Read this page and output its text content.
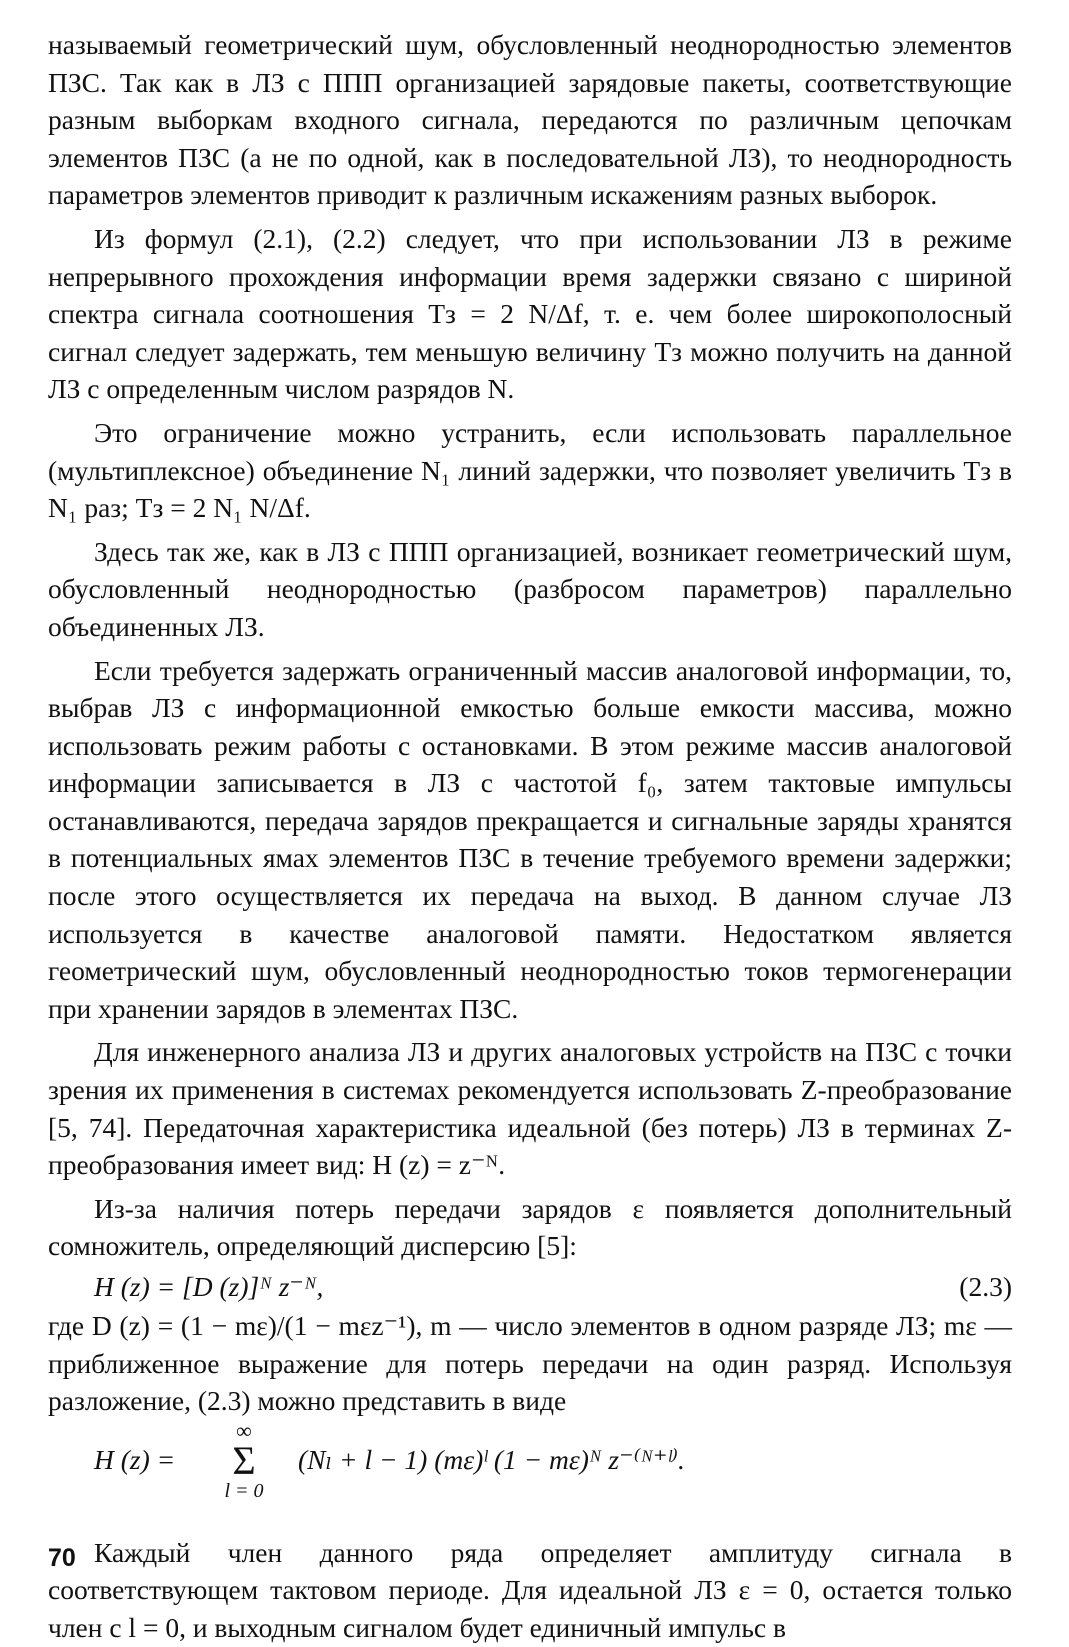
называемый геометрический шум, обусловленный неоднородностью элементов ПЗС. Так как в ЛЗ с ППП организацией зарядовые пакеты, соответствующие разным выборкам входного сигнала, передаются по различным цепочкам элементов ПЗС (а не по одной, как в последовательной ЛЗ), то неоднородность параметров элементов приводит к различным искажениям разных выборок.

Из формул (2.1), (2.2) следует, что при использовании ЛЗ в режиме непрерывного прохождения информации время задержки связано с шириной спектра сигнала соотношения Tз = 2 N/Δf, т. е. чем более широкополосный сигнал следует задержать, тем меньшую величину Tз можно получить на данной ЛЗ с определенным числом разрядов N.

Это ограничение можно устранить, если использовать параллельное (мультиплексное) объединение N₁ линий задержки, что позволяет увеличить Tз в N₁ раз; Tз = 2 N₁ N/Δf.

Здесь так же, как в ЛЗ с ППП организацией, возникает геометрический шум, обусловленный неоднородностью (разбросом параметров) параллельно объединенных ЛЗ.

Если требуется задержать ограниченный массив аналоговой информации, то, выбрав ЛЗ с информационной емкостью больше емкости массива, можно использовать режим работы с остановками. В этом режиме массив аналоговой информации записывается в ЛЗ с частотой f₀, затем тактовые импульсы останавливаются, передача зарядов прекращается и сигнальные заряды хранятся в потенциальных ямах элементов ПЗС в течение требуемого времени задержки; после этого осуществляется их передача на выход. В данном случае ЛЗ используется в качестве аналоговой памяти. Недостатком является геометрический шум, обусловленный неоднородностью токов термогенерации при хранении зарядов в элементах ПЗС.

Для инженерного анализа ЛЗ и других аналоговых устройств на ПЗС с точки зрения их применения в системах рекомендуется использовать Z-преобразование [5, 74]. Передаточная характеристика идеальной (без потерь) ЛЗ в терминах Z-преобразования имеет вид: H (z) = z⁻ᴺ.

Из-за наличия потерь передачи зарядов ε появляется дополнительный сомножитель, определяющий дисперсию [5]:

H (z) = [D (z)]ᴺ z⁻ᴺ,	(2.3)

где D (z) = (1 − mε)/(1 − mεz⁻¹), m — число элементов в одном разряде ЛЗ; mε — приближенное выражение для потерь передачи на один разряд. Используя разложение, (2.3) можно представить в виде

H (z) =
∞
Σ
l = 0
(Nₗ + l − 1) (mε)ˡ (1 − mε)ᴺ z⁻⁽ᴺ⁺ˡ⁾.

Каждый член данного ряда определяет амплитуду сигнала в соответствующем тактовом периоде. Для идеальной ЛЗ ε = 0, остается только член с l = 0, и выходным сигналом будет единичный импульс в

70
